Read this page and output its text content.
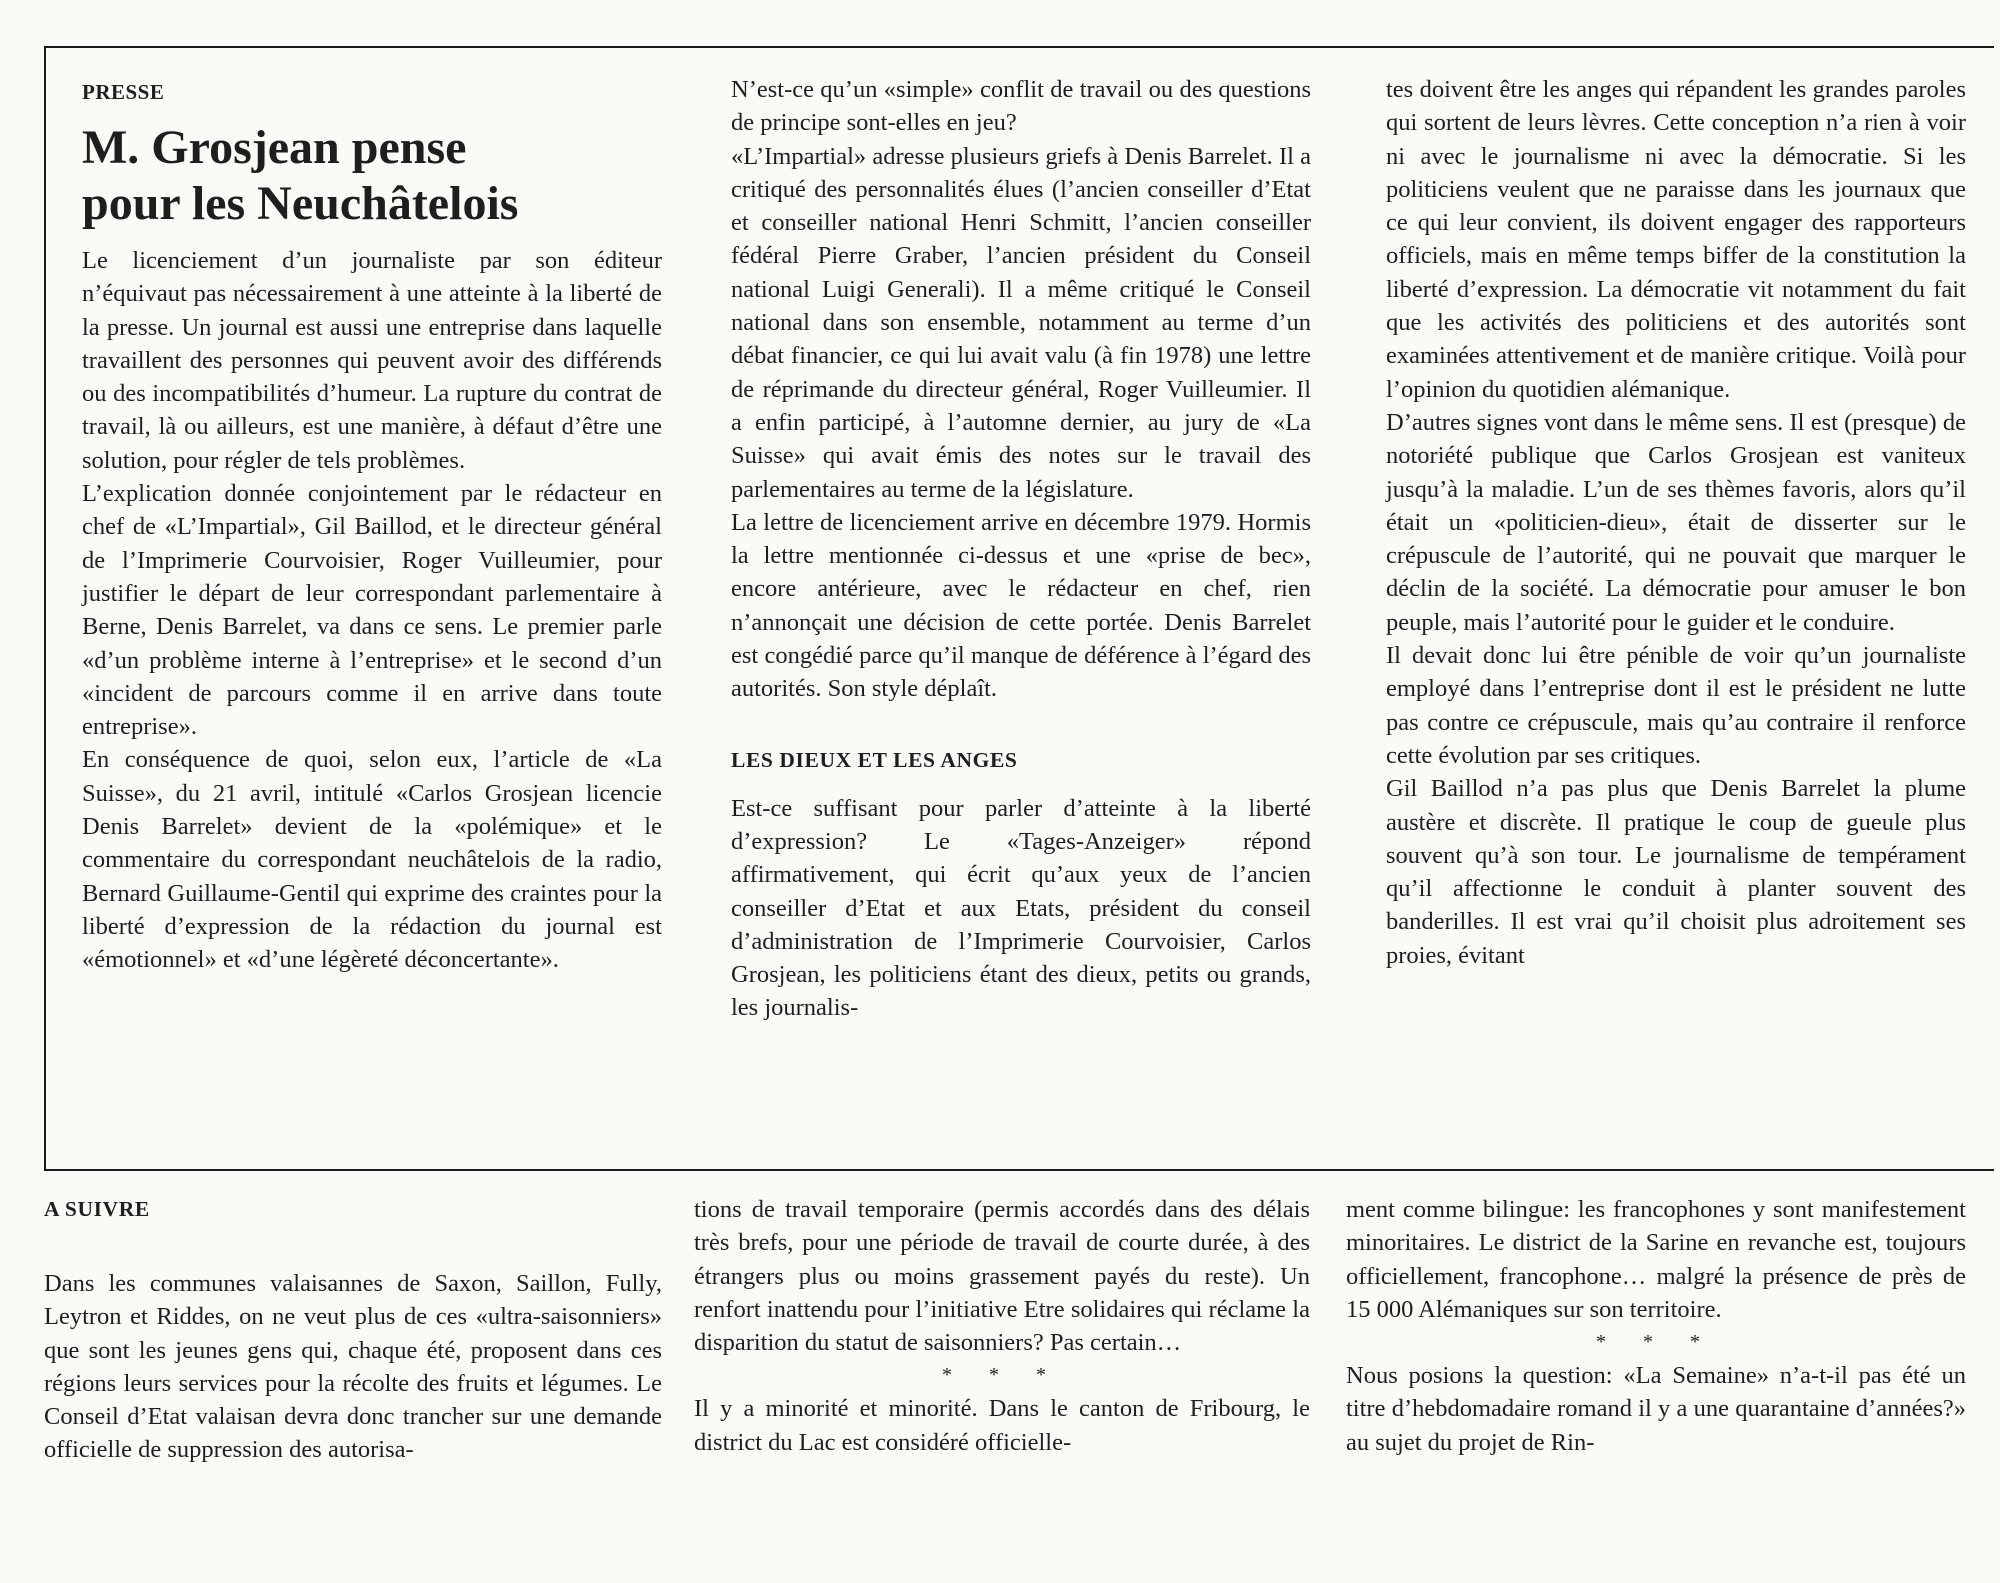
PRESSE

M. Grosjean pense
pour les Neuchâtelois

Le licenciement d’un journaliste par son éditeur n’équivaut pas nécessairement à une atteinte à la liberté de la presse. Un journal est aussi une entreprise dans laquelle travaillent des personnes qui peuvent avoir des différends ou des incompatibilités d’humeur. La rupture du contrat de travail, là ou ailleurs, est une manière, à défaut d’être une solution, pour régler de tels problèmes.

L’explication donnée conjointement par le rédacteur en chef de «L’Impartial», Gil Baillod, et le directeur général de l’Imprimerie Courvoisier, Roger Vuilleumier, pour justifier le départ de leur correspondant parlementaire à Berne, Denis Barrelet, va dans ce sens. Le premier parle «d’un problème interne à l’entreprise» et le second d’un «incident de parcours comme il en arrive dans toute entreprise».

En conséquence de quoi, selon eux, l’article de «La Suisse», du 21 avril, intitulé «Carlos Grosjean licencie Denis Barrelet» devient de la «polémique» et le commentaire du correspondant neuchâtelois de la radio, Bernard Guillaume-Gentil qui exprime des craintes pour la liberté d’expression de la rédaction du journal est «émotionnel» et «d’une légèreté déconcertante».

N’est-ce qu’un «simple» conflit de travail ou des questions de principe sont-elles en jeu?

«L’Impartial» adresse plusieurs griefs à Denis Barrelet. Il a critiqué des personnalités élues (l’ancien conseiller d’Etat et conseiller national Henri Schmitt, l’ancien conseiller fédéral Pierre Graber, l’ancien président du Conseil national Luigi Generali). Il a même critiqué le Conseil national dans son ensemble, notamment au terme d’un débat financier, ce qui lui avait valu (à fin 1978) une lettre de réprimande du directeur général, Roger Vuilleumier. Il a enfin participé, à l’automne dernier, au jury de «La Suisse» qui avait émis des notes sur le travail des parlementaires au terme de la législature.

La lettre de licenciement arrive en décembre 1979. Hormis la lettre mentionnée ci-dessus et une «prise de bec», encore antérieure, avec le rédacteur en chef, rien n’annonçait une décision de cette portée. Denis Barrelet est congédié parce qu’il manque de déférence à l’égard des autorités. Son style déplaît.

LES DIEUX ET LES ANGES

Est-ce suffisant pour parler d’atteinte à la liberté d’expression? Le «Tages-Anzeiger» répond affirmativement, qui écrit qu’aux yeux de l’ancien conseiller d’Etat et aux Etats, président du conseil d’administration de l’Imprimerie Courvoisier, Carlos Grosjean, les politiciens étant des dieux, petits ou grands, les journalis-

tes doivent être les anges qui répandent les grandes paroles qui sortent de leurs lèvres. Cette conception n’a rien à voir ni avec le journalisme ni avec la démocratie. Si les politiciens veulent que ne paraisse dans les journaux que ce qui leur convient, ils doivent engager des rapporteurs officiels, mais en même temps biffer de la constitution la liberté d’expression. La démocratie vit notamment du fait que les activités des politiciens et des autorités sont examinées attentivement et de manière critique. Voilà pour l’opinion du quotidien alémanique.

D’autres signes vont dans le même sens. Il est (presque) de notoriété publique que Carlos Grosjean est vaniteux jusqu’à la maladie. L’un de ses thèmes favoris, alors qu’il était un «politicien-dieu», était de disserter sur le crépuscule de l’autorité, qui ne pouvait que marquer le déclin de la société. La démocratie pour amuser le bon peuple, mais l’autorité pour le guider et le conduire.

Il devait donc lui être pénible de voir qu’un journaliste employé dans l’entreprise dont il est le président ne lutte pas contre ce crépuscule, mais qu’au contraire il renforce cette évolution par ses critiques.

Gil Baillod n’a pas plus que Denis Barrelet la plume austère et discrète. Il pratique le coup de gueule plus souvent qu’à son tour. Le journalisme de tempérament qu’il affectionne le conduit à planter souvent des banderilles. Il est vrai qu’il choisit plus adroitement ses proies, évitant

A SUIVRE

Dans les communes valaisannes de Saxon, Saillon, Fully, Leytron et Riddes, on ne veut plus de ces «ultra-saisonniers» que sont les jeunes gens qui, chaque été, proposent dans ces régions leurs services pour la récolte des fruits et légumes. Le Conseil d’Etat valaisan devra donc trancher sur une demande officielle de suppression des autorisa-

tions de travail temporaire (permis accordés dans des délais très brefs, pour une période de travail de courte durée, à des étrangers plus ou moins grassement payés du reste). Un renfort inattendu pour l’initiative Etre solidaires qui réclame la disparition du statut de saisonniers? Pas certain…

* * *

Il y a minorité et minorité. Dans le canton de Fribourg, le district du Lac est considéré officielle-

ment comme bilingue: les francophones y sont manifestement minoritaires. Le district de la Sarine en revanche est, toujours officiellement, francophone… malgré la présence de près de 15 000 Alémaniques sur son territoire.

* * *

Nous posions la question: «La Semaine» n’a-t-il pas été un titre d’hebdomadaire romand il y a une quarantaine d’années?» au sujet du projet de Rin-
